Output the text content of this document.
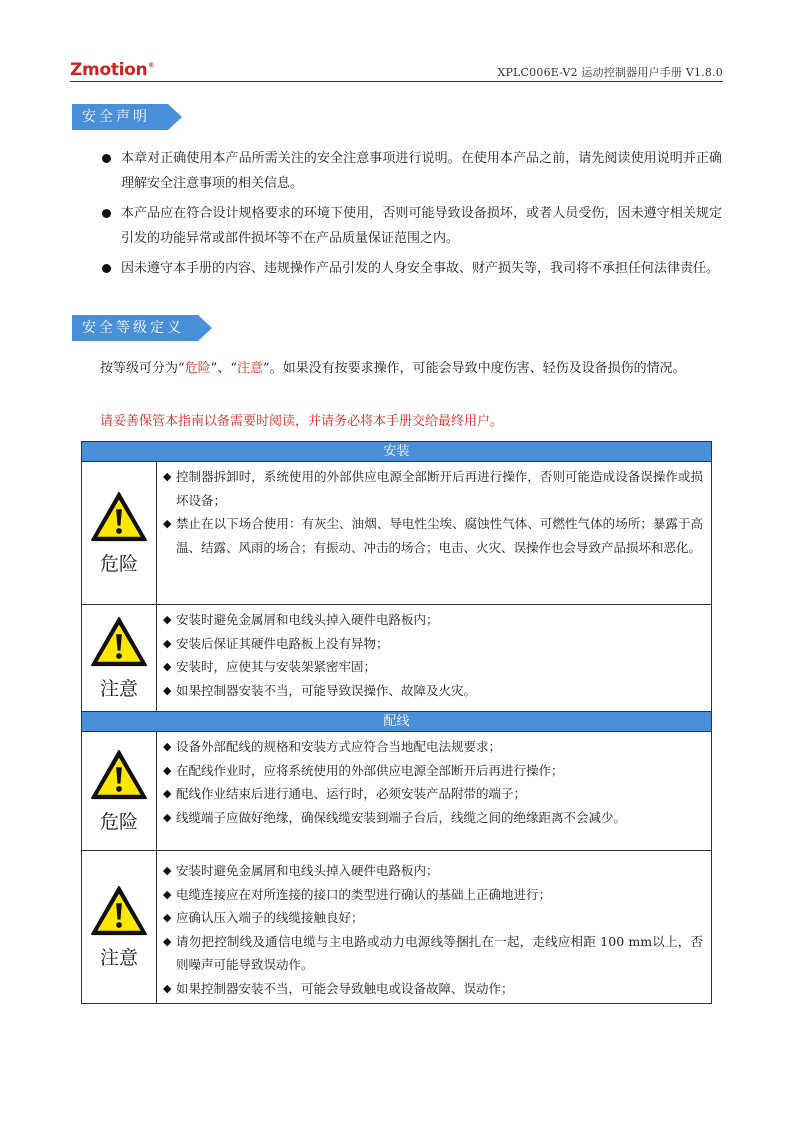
Zmotion®
XPLC006E-V2 运动控制器用户手册 V1.8.0
安全声明
本章对正确使用本产品所需关注的安全注意事项进行说明。在使用本产品之前，请先阅读使用说明并正确理解安全注意事项的相关信息。
本产品应在符合设计规格要求的环境下使用，否则可能导致设备损坏，或者人员受伤，因未遵守相关规定引发的功能异常或部件损坏等不在产品质量保证范围之内。
因未遵守本手册的内容、违规操作产品引发的人身安全事故、财产损失等，我司将不承担任何法律责任。
安全等级定义
按等级可分为“危险”、“注意”。如果没有按要求操作，可能会导致中度伤害、轻伤及设备损伤的情况。
请妥善保管本指南以备需要时阅读，并请务必将本手册交给最终用户。
安装
危险
◆ 控制器拆卸时，系统使用的外部供应电源全部断开后再进行操作，否则可能造成设备误操作或损坏设备；
◆ 禁止在以下场合使用：有灰尘、油烟、导电性尘埃、腐蚀性气体、可燃性气体的场所；暴露于高温、结露、风雨的场合；有振动、冲击的场合；电击、火灾、误操作也会导致产品损坏和恶化。
注意
◆ 安装时避免金属屑和电线头掉入硬件电路板内；
◆ 安装后保证其硬件电路板上没有异物；
◆ 安装时，应使其与安装架紧密牢固；
◆ 如果控制器安装不当，可能导致误操作、故障及火灾。
配线
危险
◆ 设备外部配线的规格和安装方式应符合当地配电法规要求；
◆ 在配线作业时，应将系统使用的外部供应电源全部断开后再进行操作；
◆ 配线作业结束后进行通电、运行时，必须安装产品附带的端子；
◆ 线缆端子应做好绝缘，确保线缆安装到端子台后，线缆之间的绝缘距离不会减少。
注意
◆ 安装时避免金属屑和电线头掉入硬件电路板内；
◆ 电缆连接应在对所连接的接口的类型进行确认的基础上正确地进行；
◆ 应确认压入端子的线缆接触良好；
◆ 请勿把控制线及通信电缆与主电路或动力电源线等捆扎在一起，走线应相距 100 mm以上，否则噪声可能导致误动作。
◆ 如果控制器安装不当，可能会导致触电或设备故障、误动作；
